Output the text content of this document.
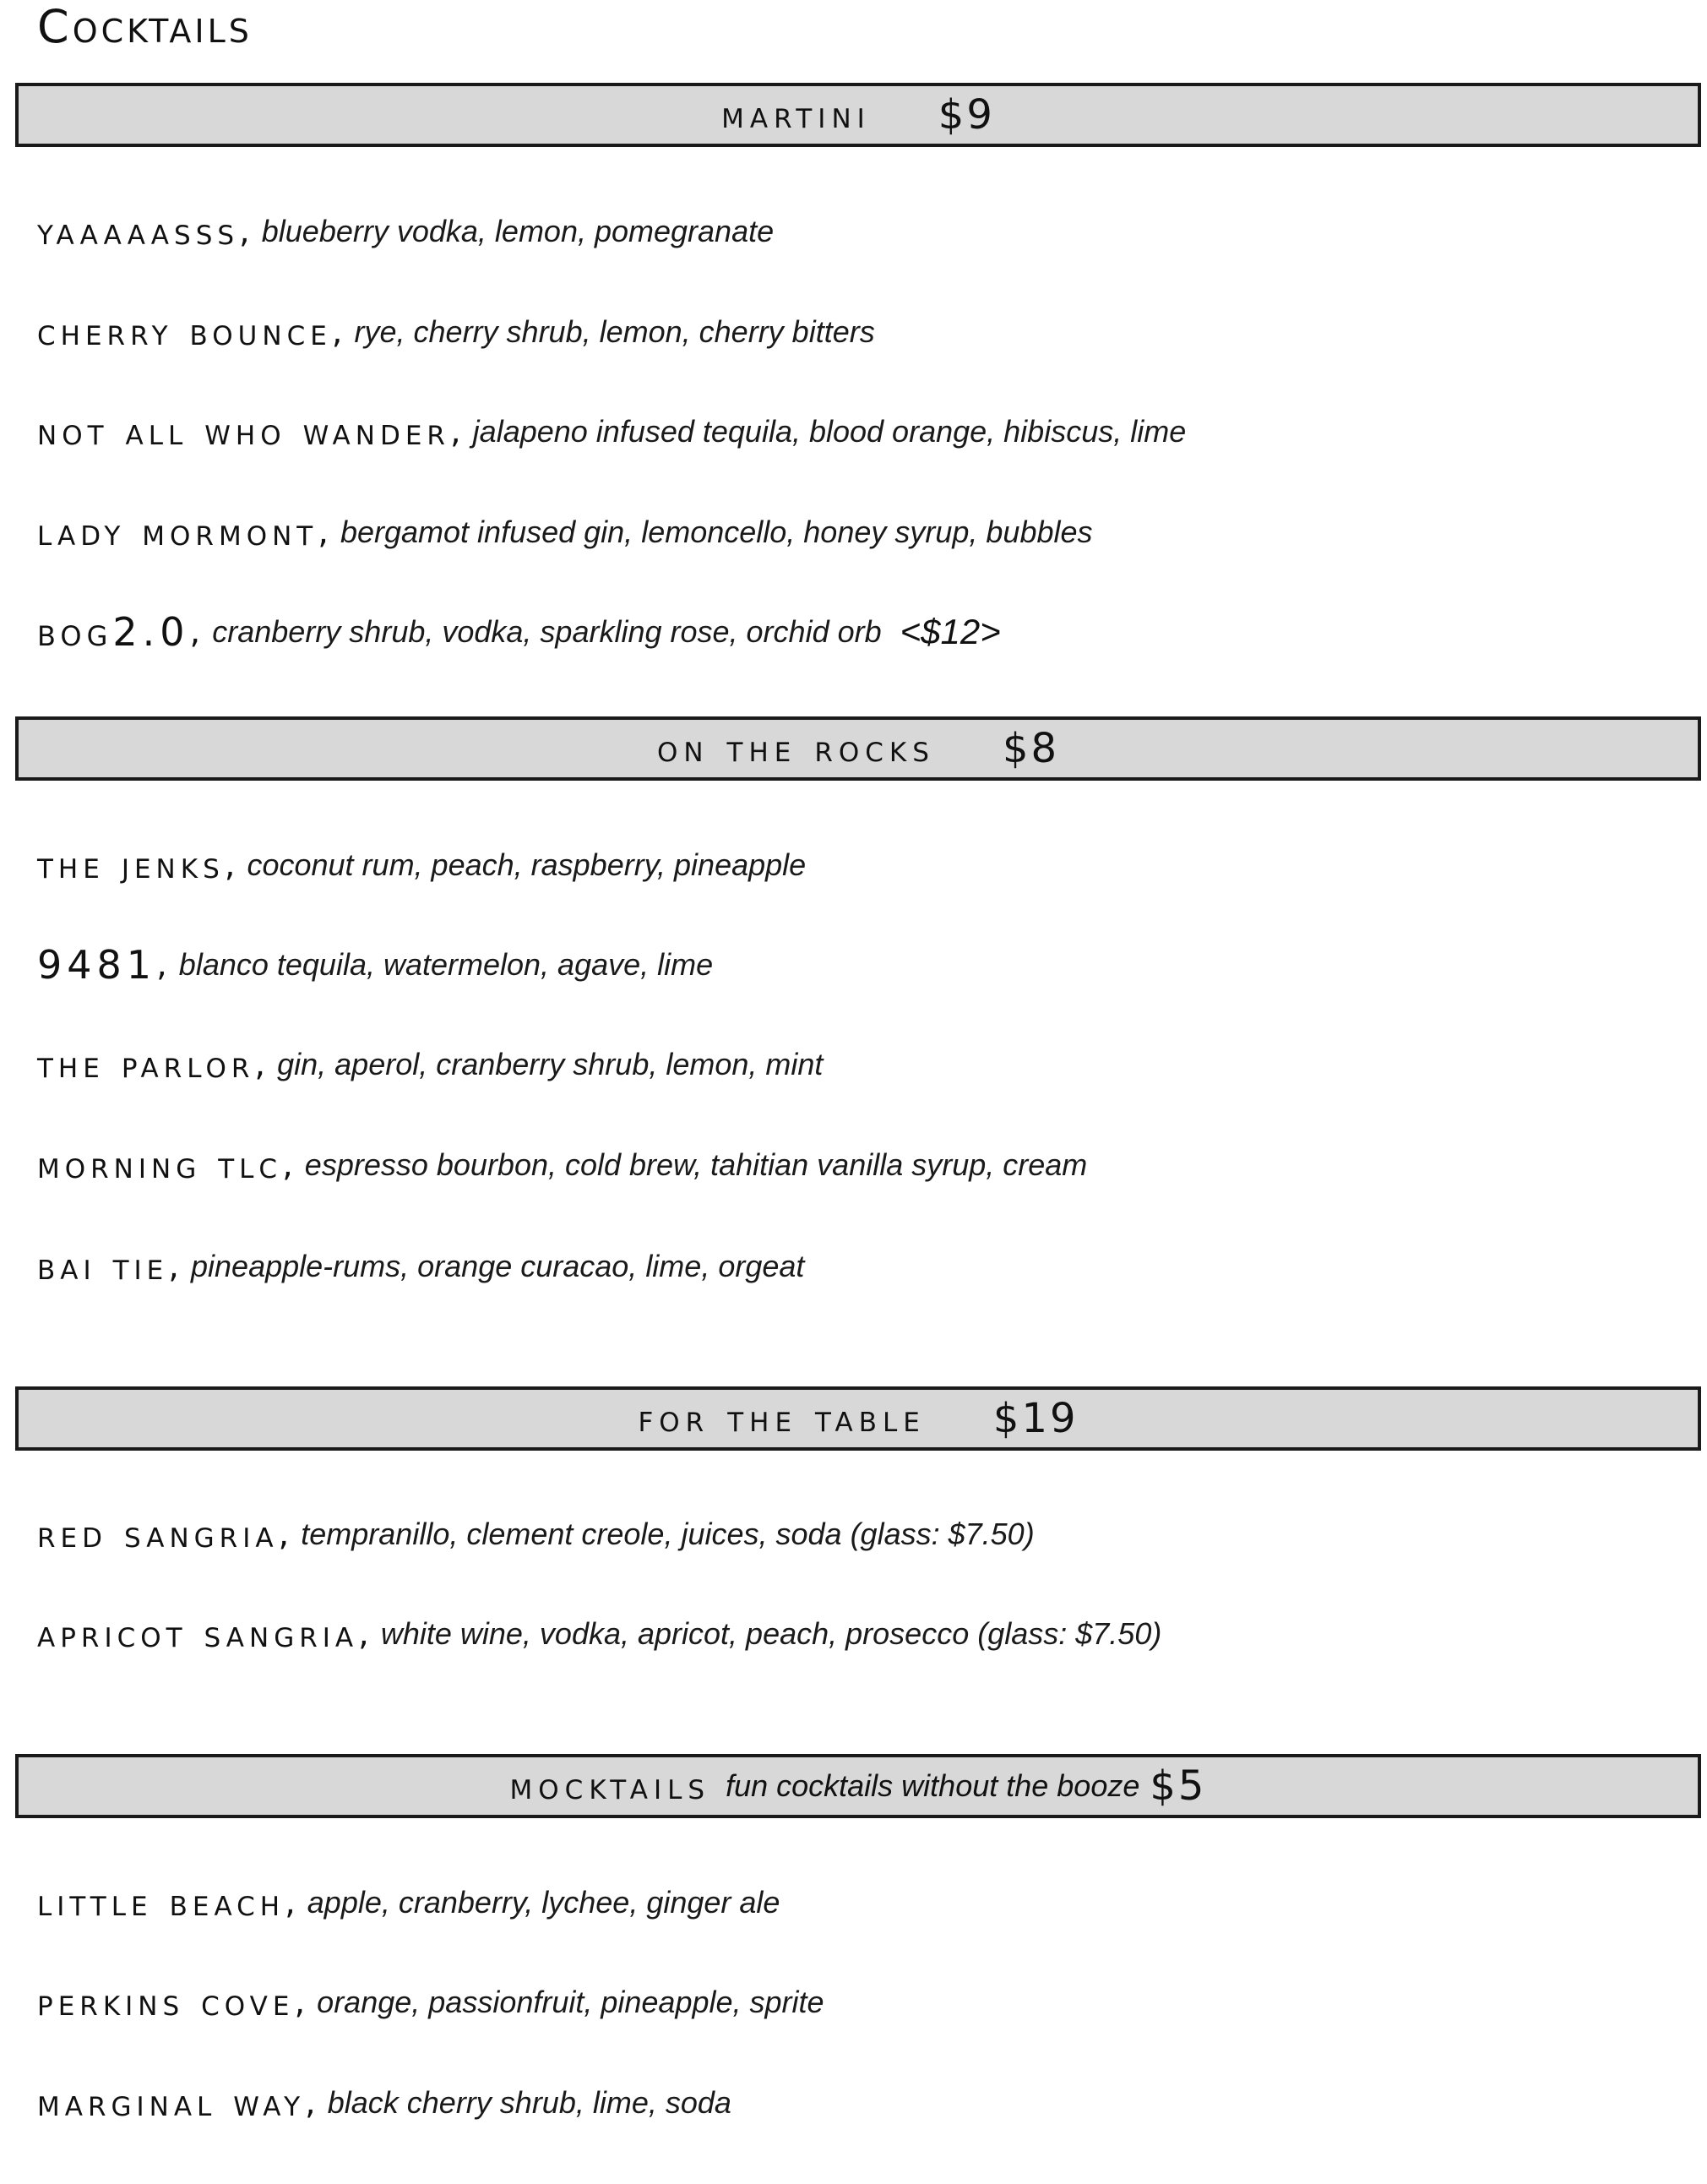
Cocktails
martini $9
yaaaaasss , blueberry vodka, lemon, pomegranate
cherry bounce , rye, cherry shrub, lemon, cherry bitters
not all who wander , jalapeno infused tequila, blood orange, hibiscus, lime
lady mormont , bergamot infused gin, lemoncello, honey syrup, bubbles
bog2.0 , cranberry shrub, vodka, sparkling rose, orchid orb <$12>
on the rocks $8
the jenks , coconut rum, peach, raspberry, pineapple
9481 , blanco tequila, watermelon, agave, lime
the parlor , gin, aperol, cranberry shrub, lemon, mint
morning tlc , espresso bourbon, cold brew, tahitian vanilla syrup, cream
bai tie , pineapple-rums, orange curacao, lime, orgeat
for the table $19
red sangria , tempranillo, clement creole, juices, soda (glass: $7.50)
apricot sangria , white wine, vodka, apricot, peach, prosecco (glass: $7.50)
mocktails fun cocktails without the booze $5
little beach , apple, cranberry, lychee, ginger ale
perkins cove , orange, passionfruit, pineapple, sprite
marginal way , black cherry shrub, lime, soda
